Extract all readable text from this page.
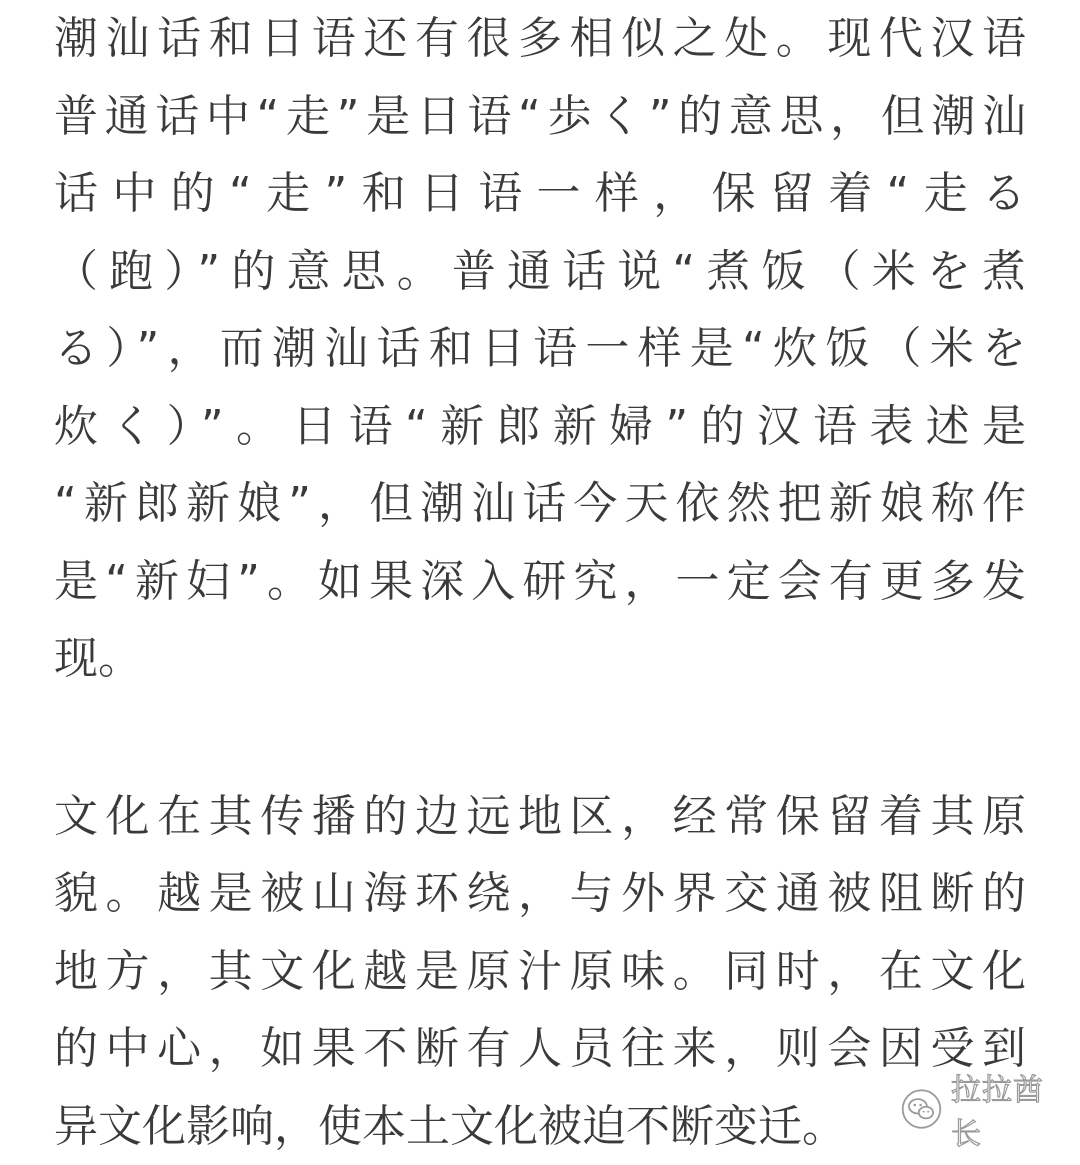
潮汕话和日语还有很多相似之处。现代汉语
普通话中“走”是日语“歩く”的意思，但潮汕
话中的“走”和日语一样，保留着“走る
（跑）”的意思。普通话说“煮饭（米を煮
る）”，而潮汕话和日语一样是“炊饭（米を
炊く）”。日语“新郎新婦”的汉语表述是
“新郎新娘”，但潮汕话今天依然把新娘称作
是“新妇”。如果深入研究，一定会有更多发
现。
文化在其传播的边远地区，经常保留着其原
貌。越是被山海环绕，与外界交通被阻断的
地方，其文化越是原汁原味。同时，在文化
的中心，如果不断有人员往来，则会因受到
异文化影响，使本土文化被迫不断变迁。
拉拉酋长
